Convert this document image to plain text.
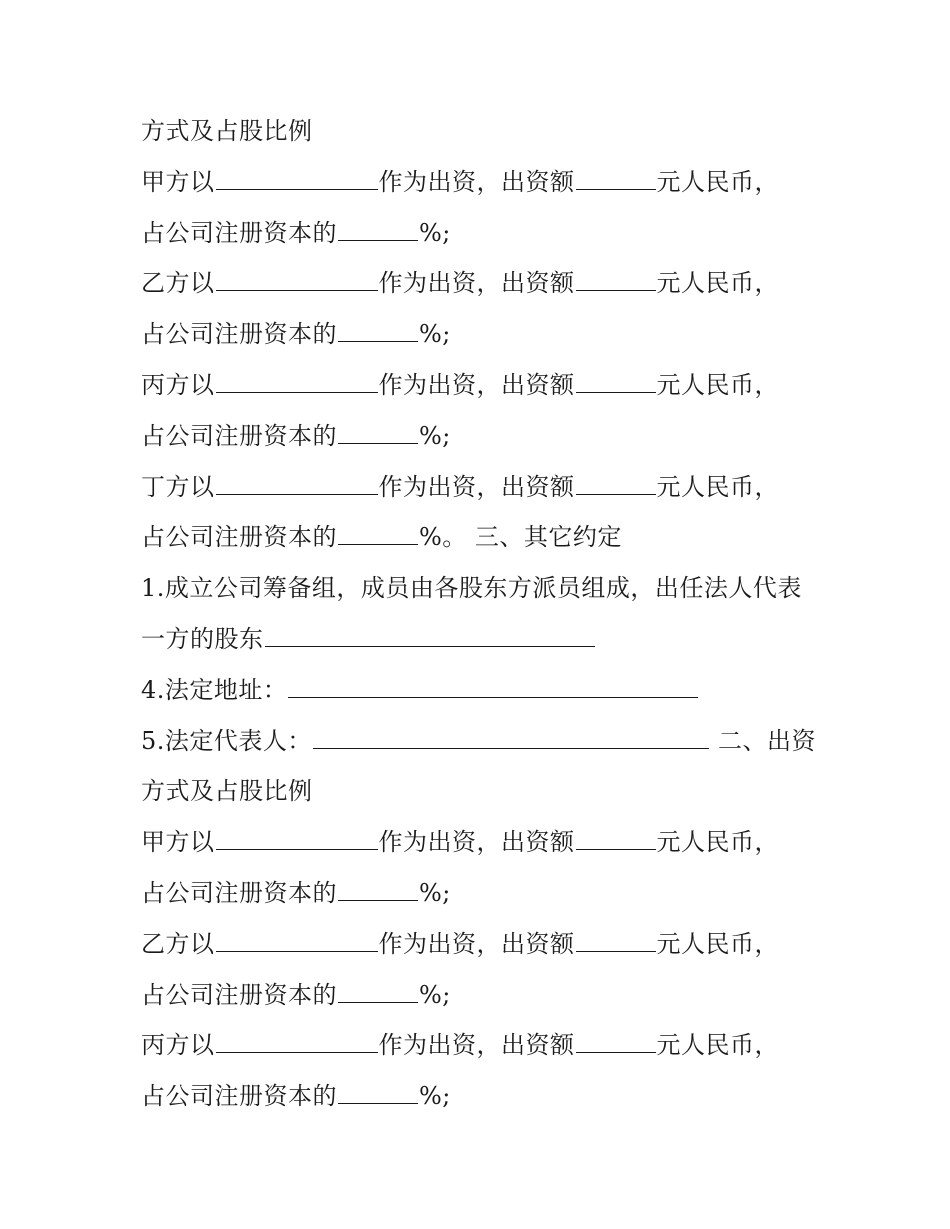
方式及占股比例
甲方以	作为出资，出资额	元人民币，
占公司注册资本的	%;
乙方以	作为出资，出资额	元人民币，
占公司注册资本的	%;
丙方以	作为出资，出资额	元人民币，
占公司注册资本的	%;
丁方以	作为出资，出资额	元人民币，
占公司注册资本的	%。 三、其它约定
1.成立公司筹备组，成员由各股东方派员组成，出任法人代表
一方的股东
4.法定地址：
5.法定代表人：	二、出资
方式及占股比例
甲方以	作为出资，出资额	元人民币，
占公司注册资本的	%;
乙方以	作为出资，出资额	元人民币，
占公司注册资本的	%;
丙方以	作为出资，出资额	元人民币，
占公司注册资本的	%;
